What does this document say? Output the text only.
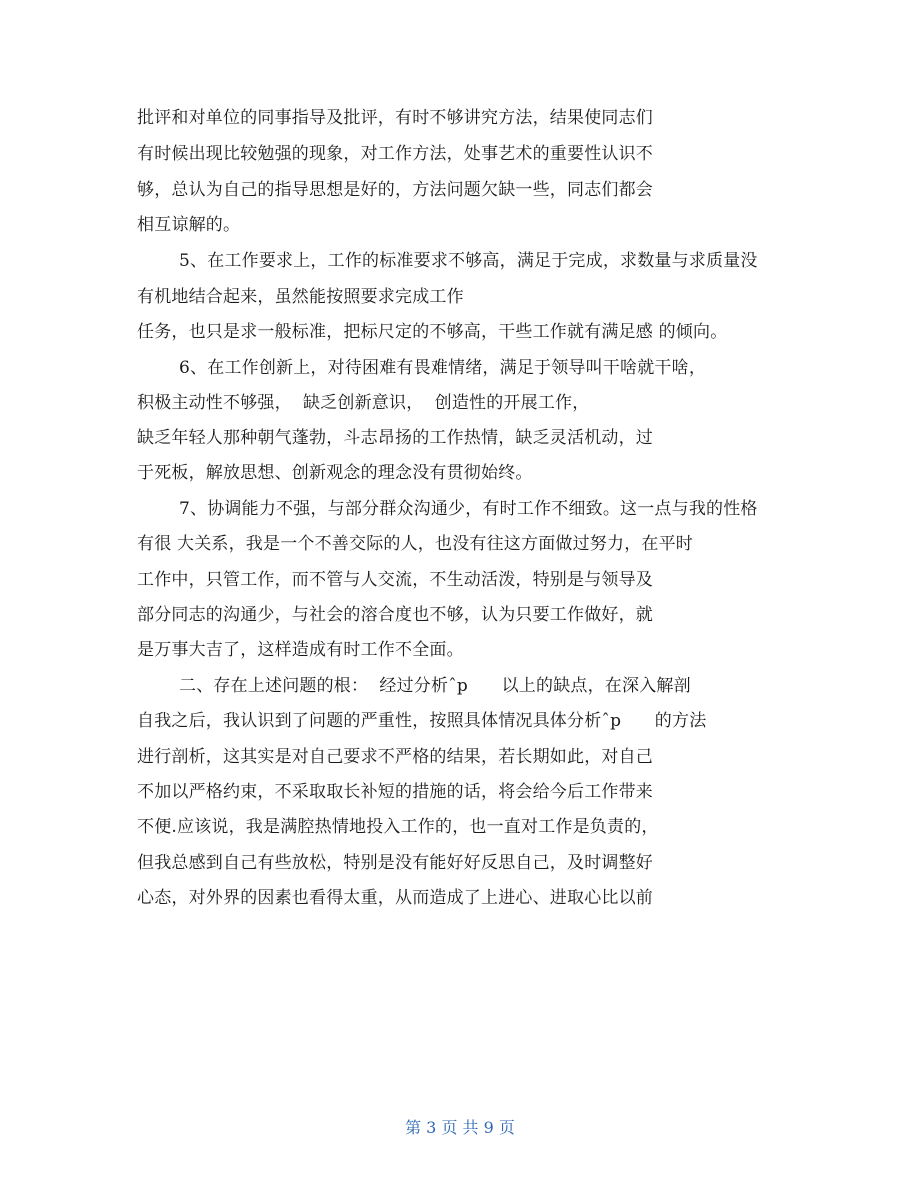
批评和对单位的同事指导及批评，有时不够讲究方法，结果使同志们
有时候出现比较勉强的现象，对工作方法，处事艺术的重要性认识不
够，总认为自己的指导思想是好的，方法问题欠缺一些，同志们都会
相互谅解的。
5、在工作要求上，工作的标准要求不够高，满足于完成，求数量与求质量没
有机地结合起来，虽然能按照要求完成工作
任务，也只是求一般标准，把标尺定的不够高，干些工作就有满足感 的倾向。
6、在工作创新上，对待困难有畏难情绪，满足于领导叫干啥就干啥，
积极主动性不够强，  缺乏创新意识，  创造性的开展工作，
缺乏年轻人那种朝气蓬勃，斗志昂扬的工作热情，缺乏灵活机动，过
于死板，解放思想、创新观念的理念没有贯彻始终。
7、协调能力不强，与部分群众沟通少，有时工作不细致。这一点与我的性格
有很 大关系，我是一个不善交际的人，也没有往这方面做过努力，在平时
工作中，只管工作，而不管与人交流，不生动活泼，特别是与领导及
部分同志的沟通少，与社会的溶合度也不够，认为只要工作做好，就
是万事大吉了，这样造成有时工作不全面。
二、存在上述问题的根：  经过分析ˆp      以上的缺点，在深入解剖
自我之后，我认识到了问题的严重性，按照具体情况具体分析ˆp      的方法
进行剖析，这其实是对自己要求不严格的结果，若长期如此，对自己
不加以严格约束，不采取取长补短的措施的话，将会给今后工作带来
不便.应该说，我是满腔热情地投入工作的，也一直对工作是负责的，
但我总感到自己有些放松，特别是没有能好好反思自己，及时调整好
心态，对外界的因素也看得太重，从而造成了上进心、进取心比以前
第 3 页 共 9 页
